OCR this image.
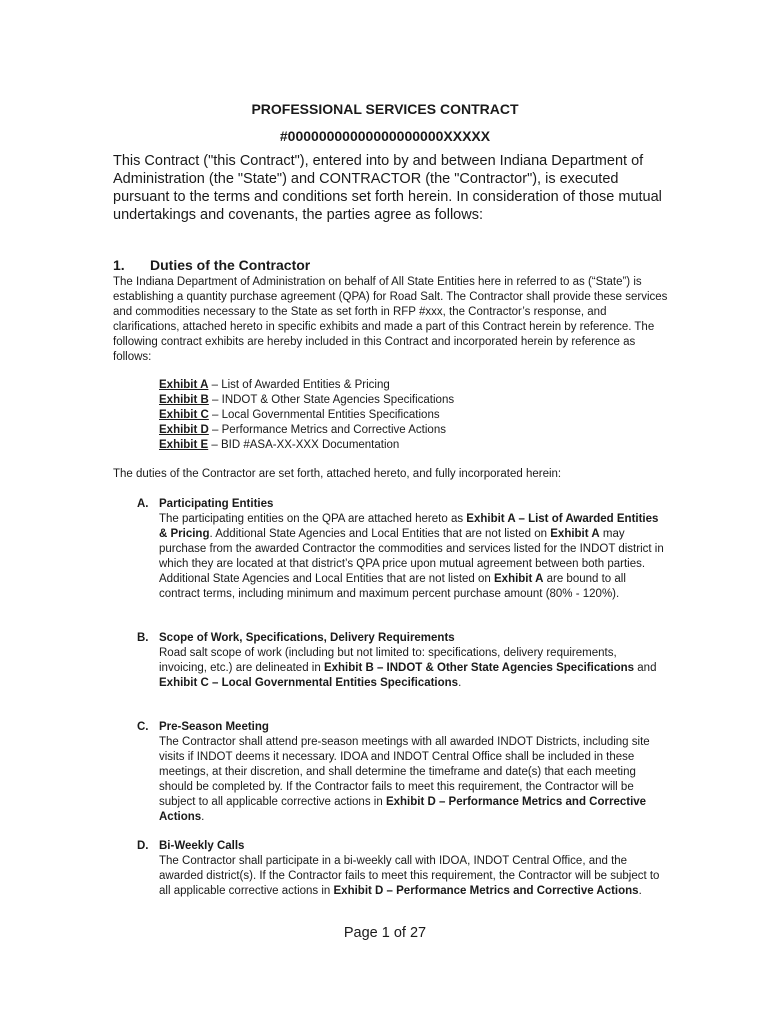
PROFESSIONAL SERVICES CONTRACT
#00000000000000000000XXXXX
This Contract ("this Contract"), entered into by and between Indiana Department of Administration (the "State") and CONTRACTOR (the "Contractor"), is executed pursuant to the terms and conditions set forth herein. In consideration of those mutual undertakings and covenants, the parties agree as follows:
1. Duties of the Contractor
The Indiana Department of Administration on behalf of All State Entities here in referred to as (“State”) is establishing a quantity purchase agreement (QPA) for Road Salt. The Contractor shall provide these services and commodities necessary to the State as set forth in RFP #xxx, the Contractor’s response, and clarifications, attached hereto in specific exhibits and made a part of this Contract herein by reference. The following contract exhibits are hereby included in this Contract and incorporated herein by reference as follows:
Exhibit A – List of Awarded Entities & Pricing
Exhibit B – INDOT & Other State Agencies Specifications
Exhibit C – Local Governmental Entities Specifications
Exhibit D – Performance Metrics and Corrective Actions
Exhibit E – BID #ASA-XX-XXX Documentation
The duties of the Contractor are set forth, attached hereto, and fully incorporated herein:
A. Participating Entities
The participating entities on the QPA are attached hereto as Exhibit A – List of Awarded Entities & Pricing. Additional State Agencies and Local Entities that are not listed on Exhibit A may purchase from the awarded Contractor the commodities and services listed for the INDOT district in which they are located at that district’s QPA price upon mutual agreement between both parties. Additional State Agencies and Local Entities that are not listed on Exhibit A are bound to all contract terms, including minimum and maximum percent purchase amount (80% - 120%).
B. Scope of Work, Specifications, Delivery Requirements
Road salt scope of work (including but not limited to: specifications, delivery requirements, invoicing, etc.) are delineated in Exhibit B – INDOT & Other State Agencies Specifications and Exhibit C – Local Governmental Entities Specifications.
C. Pre-Season Meeting
The Contractor shall attend pre-season meetings with all awarded INDOT Districts, including site visits if INDOT deems it necessary. IDOA and INDOT Central Office shall be included in these meetings, at their discretion, and shall determine the timeframe and date(s) that each meeting should be completed by. If the Contractor fails to meet this requirement, the Contractor will be subject to all applicable corrective actions in Exhibit D – Performance Metrics and Corrective Actions.
D. Bi-Weekly Calls
The Contractor shall participate in a bi-weekly call with IDOA, INDOT Central Office, and the awarded district(s). If the Contractor fails to meet this requirement, the Contractor will be subject to all applicable corrective actions in Exhibit D – Performance Metrics and Corrective Actions.
Page 1 of 27
